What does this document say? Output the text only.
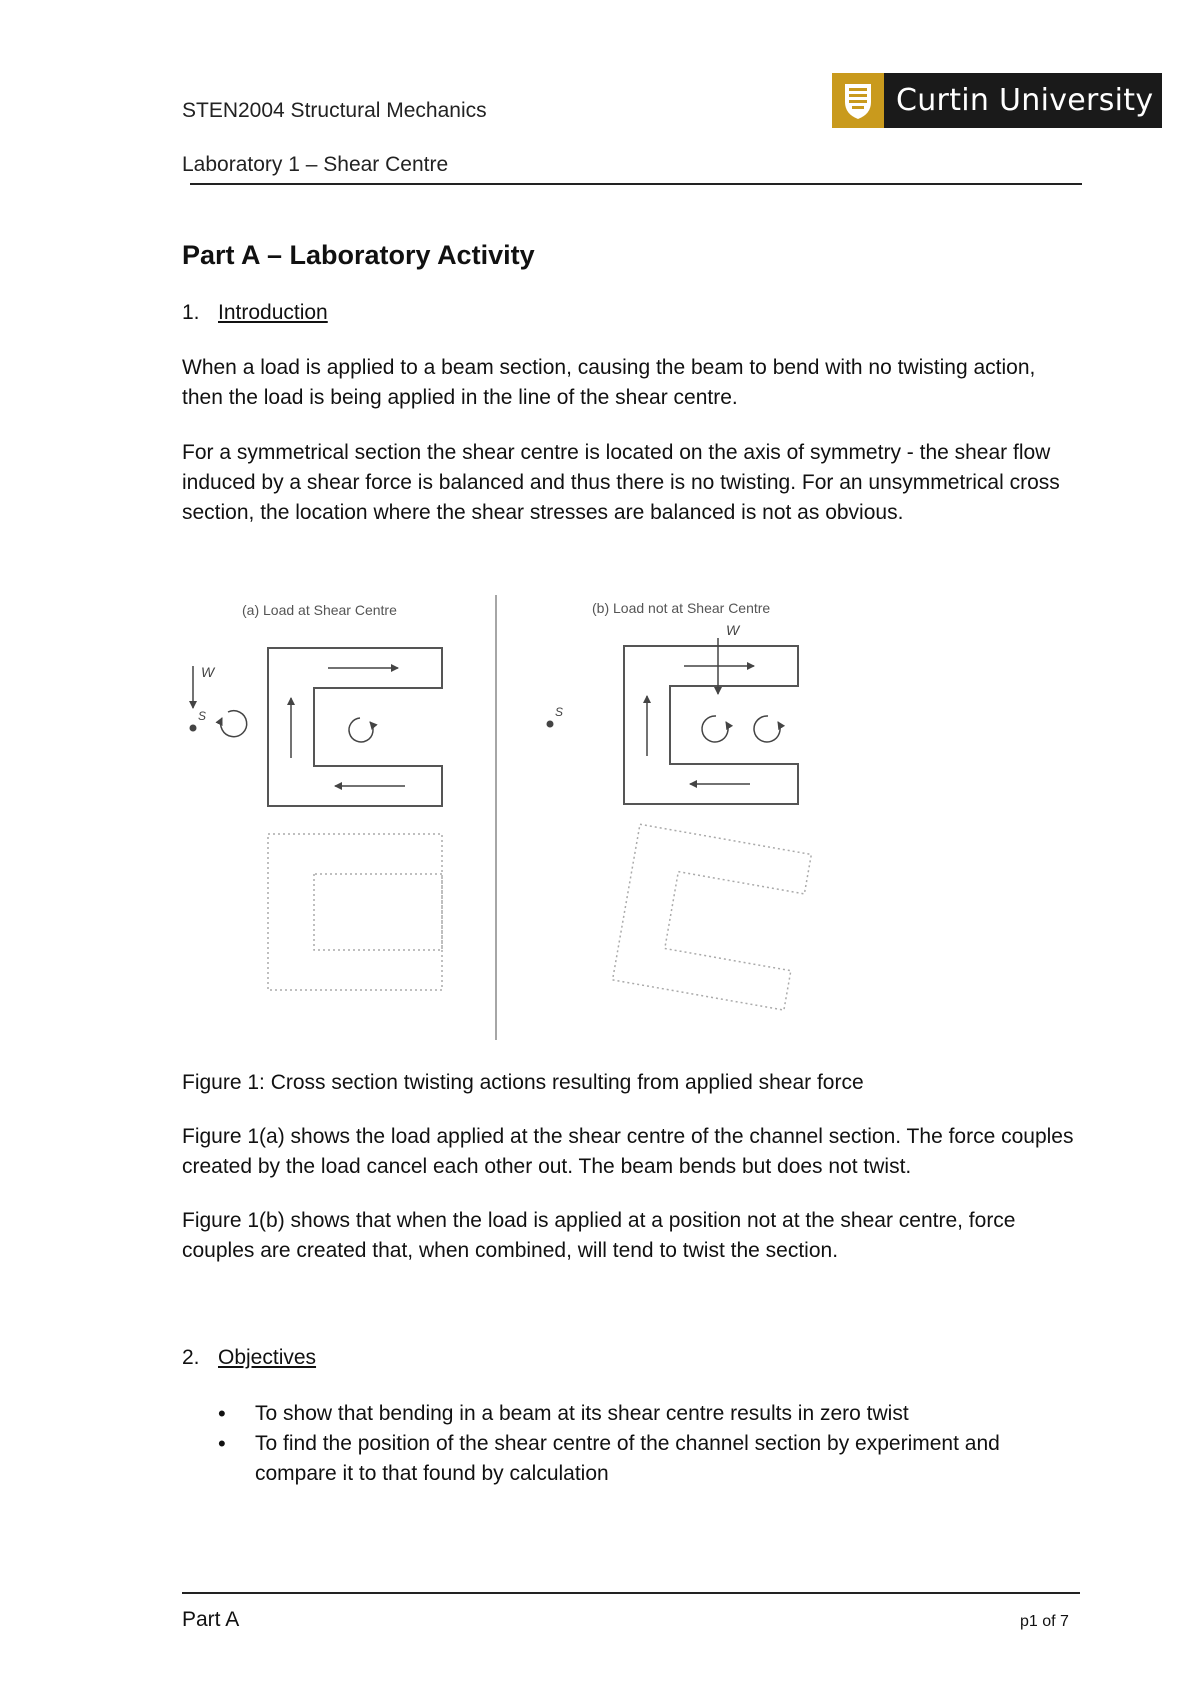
STEN2004 Structural Mechanics
Laboratory 1 – Shear Centre
Curtin University
Part A – Laboratory Activity
1. Introduction
When a load is applied to a beam section, causing the beam to bend with no twisting action, then the load is being applied in the line of the shear centre.
For a symmetrical section the shear centre is located on the axis of symmetry - the shear flow induced by a shear force is balanced and thus there is no twisting. For an unsymmetrical cross section, the location where the shear stresses are balanced is not as obvious.
(a) Load at Shear Centre	(b) Load not at Shear Centre
W
S
W
S
Figure 1: Cross section twisting actions resulting from applied shear force
Figure 1(a) shows the load applied at the shear centre of the channel section. The force couples created by the load cancel each other out. The beam bends but does not twist.
Figure 1(b) shows that when the load is applied at a position not at the shear centre, force couples are created that, when combined, will tend to twist the section.
2. Objectives
• To show that bending in a beam at its shear centre results in zero twist
• To find the position of the shear centre of the channel section by experiment and compare it to that found by calculation
Part A	p1 of 7
